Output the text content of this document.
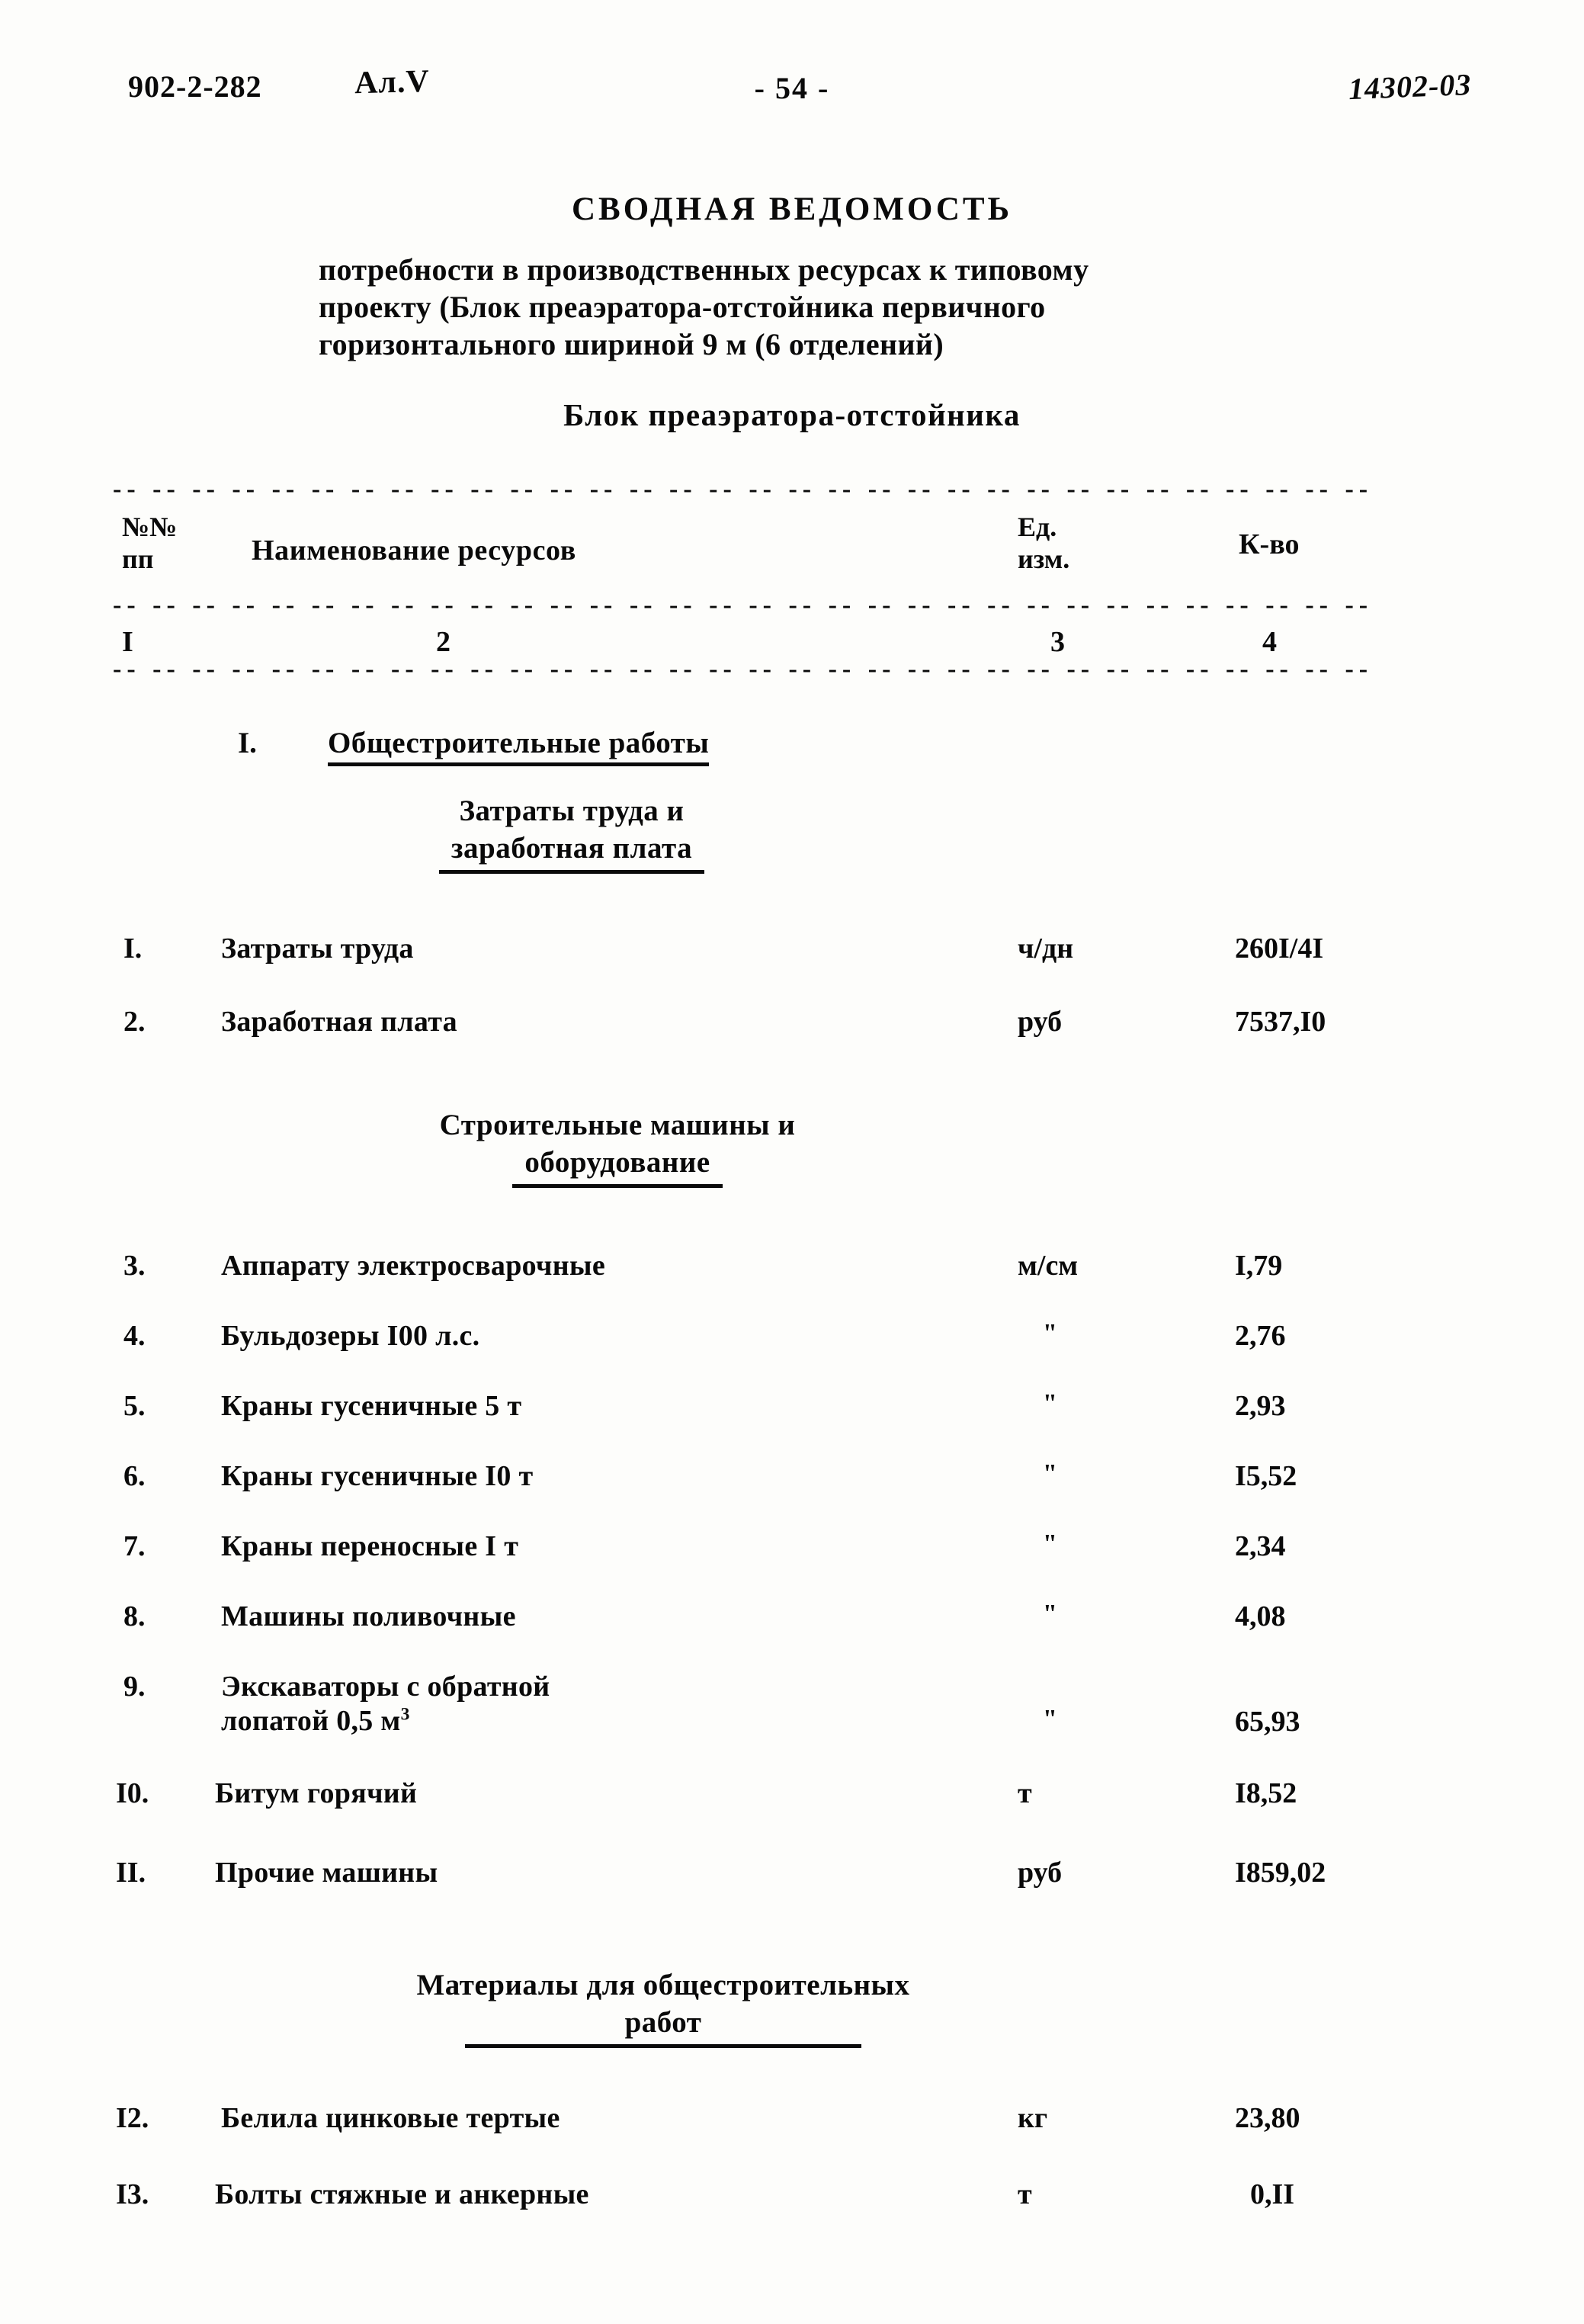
902-2-282	Ал.V	- 54 -	14302-03
СВОДНАЯ ВЕДОМОСТЬ
потребности в производственных ресурсах к типовому
проекту (Блок преаэратора-отстойника первичного
горизонтального шириной 9 м (6 отделений)
Блок преаэратора-отстойника
-- -- -- -- -- -- -- -- -- -- -- -- -- -- -- -- -- -- -- -- -- -- -- -- -- -- -- -- -- -- -- --
№№
пп	Наименование ресурсов
Ед.
изм.	К-во
-- -- -- -- -- -- -- -- -- -- -- -- -- -- -- -- -- -- -- -- -- -- -- -- -- -- -- -- -- -- -- --
I	2	3	4
-- -- -- -- -- -- -- -- -- -- -- -- -- -- -- -- -- -- -- -- -- -- -- -- -- -- -- -- -- -- -- --
I. Общестроительные работы
Затраты труда и
заработная плата
I.	Затраты труда	ч/дн	260I/4I
2.	Заработная плата	руб	7537,I0
Строительные машины и
оборудование
3.	Аппарату электросварочные	м/см	I,79
4.	Бульдозеры I00 л.с.	"	2,76
5.	Краны гусеничные 5 т	"	2,93
6.	Краны гусеничные I0 т	"	I5,52
7.	Краны переносные I т	"	2,34
8.	Машины поливочные	"	4,08
9.	Экскаваторы с обратной
лопатой 0,5 $м^3$	"	65,93
I0.	Битум горячий	т	I8,52
II.	Прочие машины	руб	I859,02
Материалы для общестроительных
работ
I2.	Белила цинковые тертые	кг	23,80
I3.	Болты стяжные и анкерные	т	0,II
